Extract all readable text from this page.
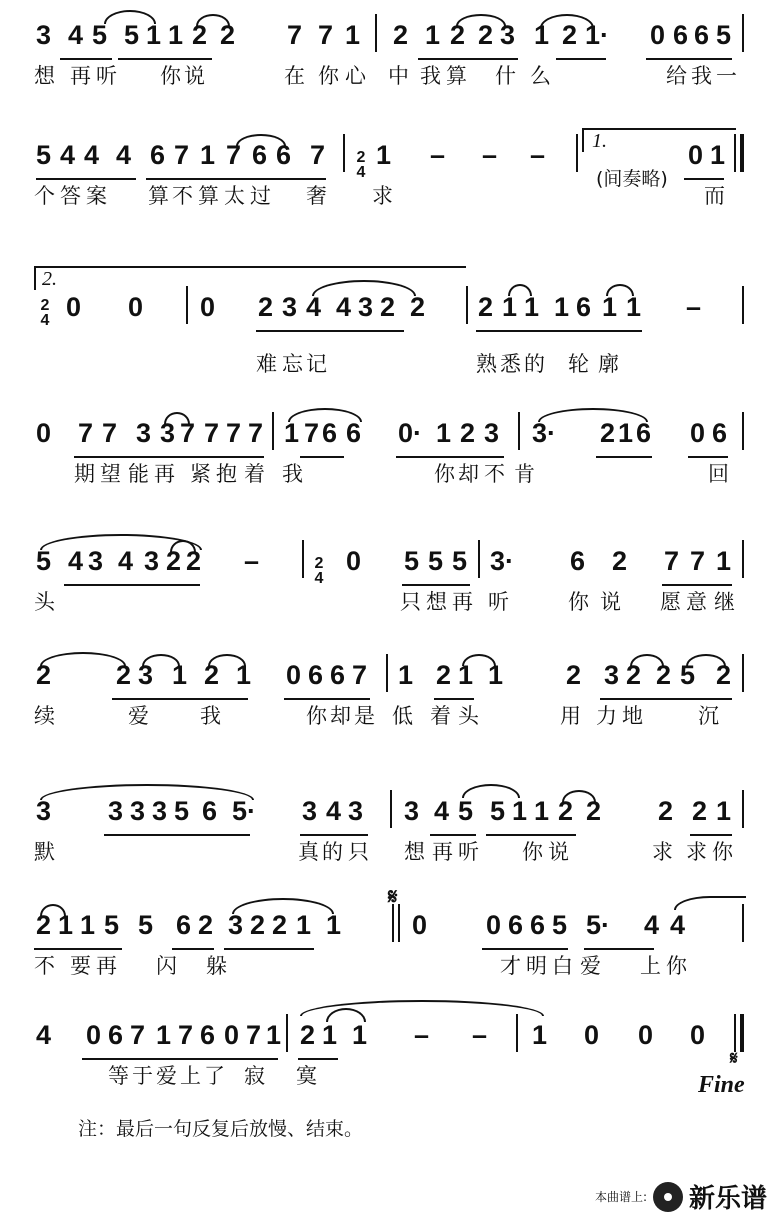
3 4 5 5 1 1 2 2 7 7 1 2 1 2 2 3 1 2 1· 0 6 6 5
想 再 听 你 说	在 你 心 中 我 算 什 么	给 我 一
5 4 4 4 6 7 1 7 6 6 7 2
4
1 – – – 1.
(间奏略)
0 1
个 答 案 算 不 算 太 过 奢 求	而
2.
2
4 0 0 0 2 3 4 4 3 2 2 2 1 1 1 6 1 1 –
难 忘 记	熟 悉 的 轮 廓
0 7 7 3 3 7 7 7 7 1 7 6 6 0· 1 2 3 3· 2 1 6 0 6
期 望 能 再 紧 抱 着 我	你 却 不 肯	回
5 4 3 4 3 2 2 –	2
4
0 5 5 5 3· 6 2 7 7 1
头	只 想 再 听	你 说 愿 意 继
2 2 3 1 2 1 0 6 6 7 1 2 1 1 2 3 2 2 5 2
续	爱 我	你 却 是 低 着 头	用 力 地	沉
3 3 3 3 5 6 5· 3 4 3 3 4 5 5 1 1 2 2 2 2 1
默	真 的 只 想 再 听 你 说	求 求 你
2 1 1 5 5 6 2 3 2 2 1 1
𝄋
0 0 6 6 5 5· 4 4
不 要 再 闪 躲	才 明 白 爱 上 你
4 0 6 7 1 7 6 0 7 1 2 1 1 – – 1 0 0 0
等 于 爱 上 了 寂 寞
𝄋
Fine
注：最后一句反复后放慢、结束。
本曲谱上: 新乐谱
